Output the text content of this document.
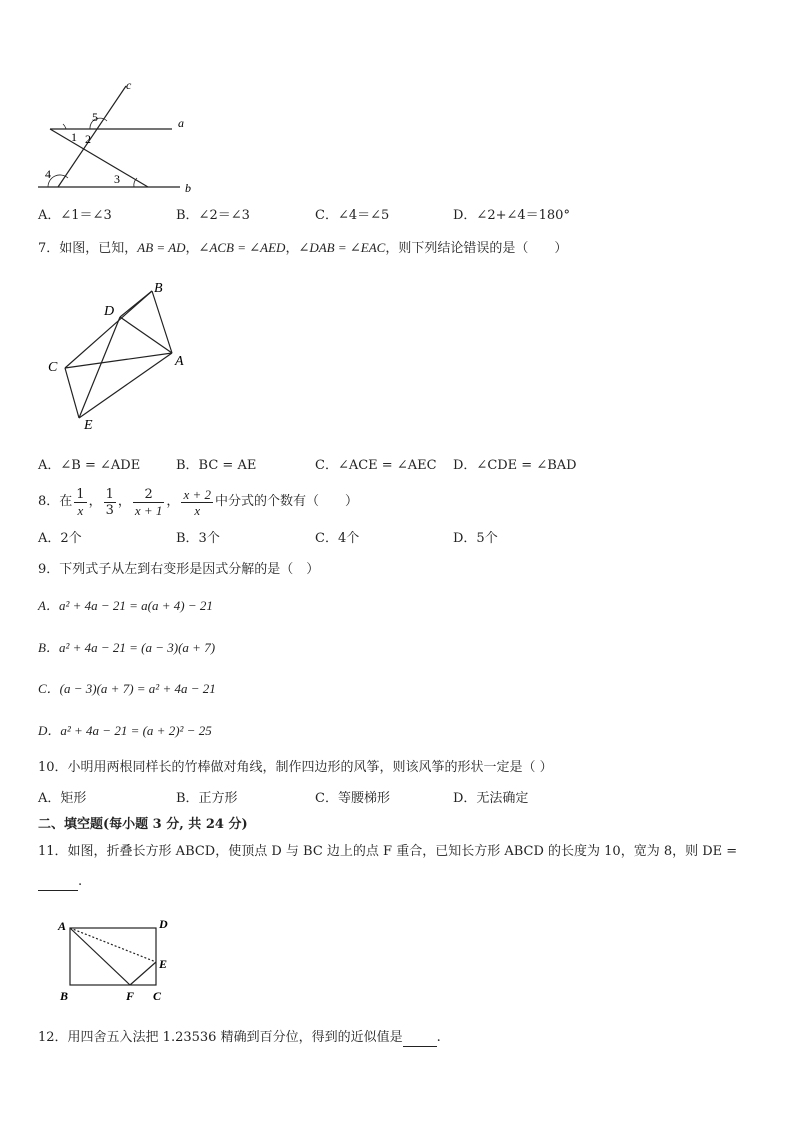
c
a
b
5
1 2
4	3
A．∠1＝∠3	B．∠2＝∠3	C．∠4＝∠5	D．∠2+∠4＝180°
7．如图，已知，AB = AD，∠ACB = ∠AED，∠DAB = ∠EAC，则下列结论错误的是（　　）
B
D
C	A
E
A．∠B = ∠ADE	B．BC = AE	C．∠ACE = ∠AEC D．∠CDE = ∠BAD
8．在 $\frac{1}{x}$ ， $\frac{1}{3}$ ， $\frac{2}{x + 1}$ ， $\frac{x + 2}{x}$ 中分式的个数有（　　）
A．2个	B．3个	C．4个	D．5个
9．下列式子从左到右变形是因式分解的是（　）
A．a² + 4a − 21 = a(a + 4) − 21
B．a² + 4a − 21 = (a − 3)(a + 7)
C．(a − 3)(a + 7) = a² + 4a − 21
D．a² + 4a − 21 = (a + 2)² − 25
10．小明用两根同样长的竹棒做对角线，制作四边形的风筝，则该风筝的形状一定是（ ）
A．矩形	B．正方形	C．等腰梯形	D．无法确定
二、填空题(每小题 3 分, 共 24 分)
11．如图，折叠长方形 ABCD，使顶点 D 与 BC 边上的点 F 重合，已知长方形 ABCD 的长度为 10，宽为 8，则 DE =
.
A	D
E
B	F C
12．用四舍五入法把 1.23536 精确到百分位，得到的近似值是	.
